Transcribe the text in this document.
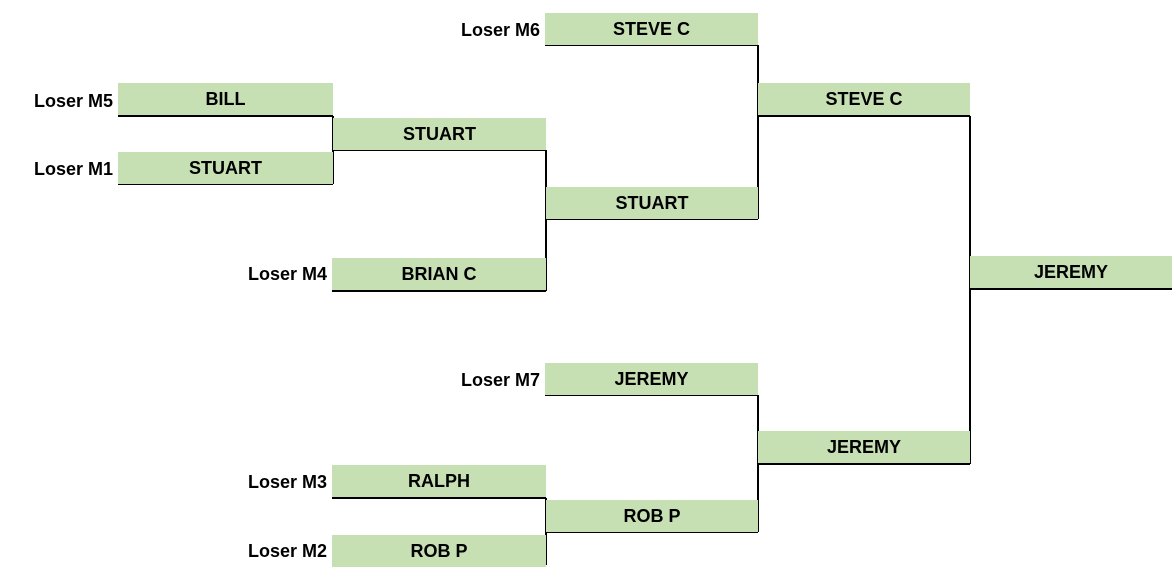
Loser M6
Loser M5
Loser M1
Loser M4
Loser M7
Loser M3
Loser M2
STEVE C
BILL
STUART
BRIAN C
JEREMY
RALPH
ROB P
STUART
STUART
STEVE C
ROB P
JEREMY
JEREMY
